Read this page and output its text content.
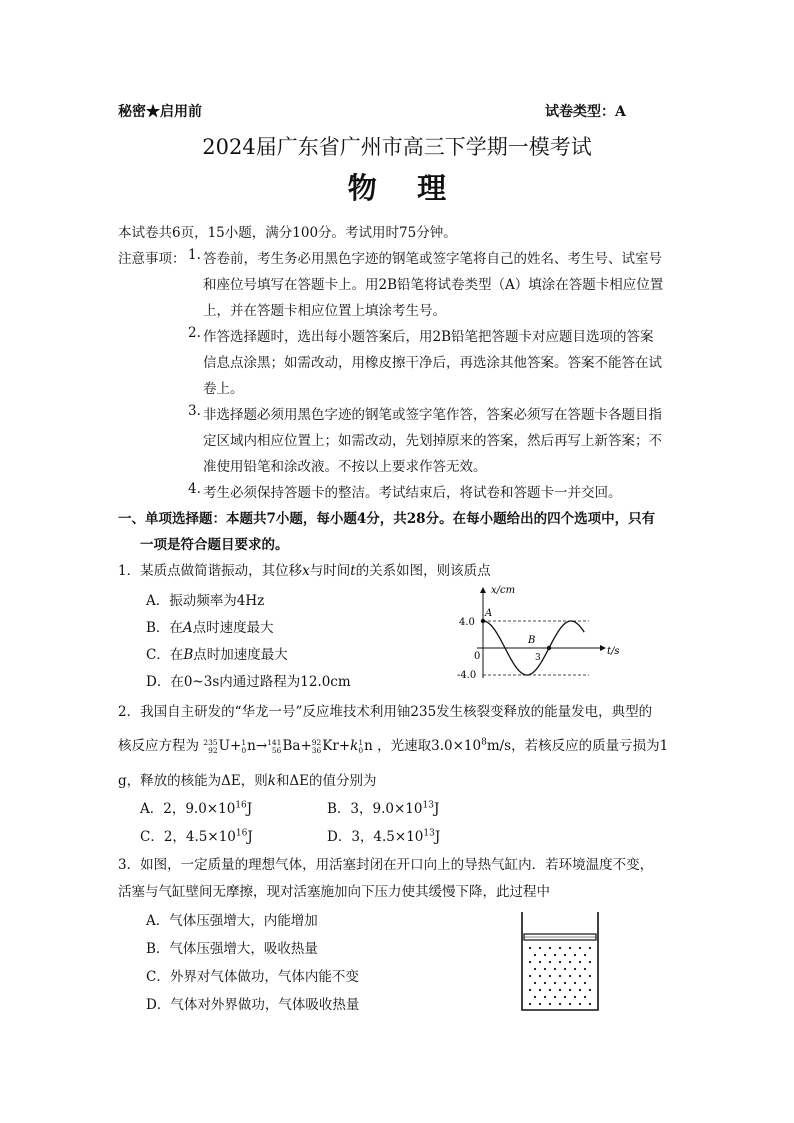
秘密★启用前	试卷类型：A
2024届广东省广州市高三下学期一模考试
物    理
本试卷共6页，15小题，满分100分。考试用时75分钟。
注意事项： 1. 答卷前，考生务必用黑色字迹的钢笔或签字笔将自己的姓名、考生号、试室号
和座位号填写在答题卡上。用2B铅笔将试卷类型（A）填涂在答题卡相应位置
上，并在答题卡相应位置上填涂考生号。
2. 作答选择题时，选出每小题答案后，用2B铅笔把答题卡对应题目选项的答案
信息点涂黑；如需改动，用橡皮擦干净后，再选涂其他答案。答案不能答在试
卷上。
3. 非选择题必须用黑色字迹的钢笔或签字笔作答，答案必须写在答题卡各题目指
定区域内相应位置上；如需改动，先划掉原来的答案，然后再写上新答案；不
准使用铅笔和涂改液。不按以上要求作答无效。
4. 考生必须保持答题卡的整洁。考试结束后，将试卷和答题卡一并交回。
一、单项选择题：本题共7小题，每小题4分，共28分。在每小题给出的四个选项中，只有
一项是符合题目要求的。
1．某质点做简谐振动，其位移x与时间t的关系如图，则该质点
A．振动频率为4Hz
B．在A点时速度最大
C．在B点时加速度最大
D．在0~3s内通过路程为12.0cm
x/cm
t/s
4.0
-4.0
0
A
B
3
2．我国自主研发的“华龙一号”反应堆技术利用铀235发生核裂变释放的能量发电，典型的
核反应方程为 235
92U+1
0n→141
56Ba+92
36Kr+k1
0n ，光速取$3.0\times 10^8m/s$，若核反应的质量亏损为1
g，释放的核能为ΔE，则k和ΔE的值分别为
A．2，$9.0\times 10^{16}J$	B．3，$9.0\times 10^{13}J$
C．2，$4.5\times 10^{16}J$	D．3，$4.5\times 10^{13}J$
3．如图，一定质量的理想气体，用活塞封闭在开口向上的导热气缸内．若环境温度不变，
活塞与气缸壁间无摩擦，现对活塞施加向下压力使其缓慢下降，此过程中
A．气体压强增大，内能增加
B．气体压强增大，吸收热量
C．外界对气体做功，气体内能不变
D．气体对外界做功，气体吸收热量
